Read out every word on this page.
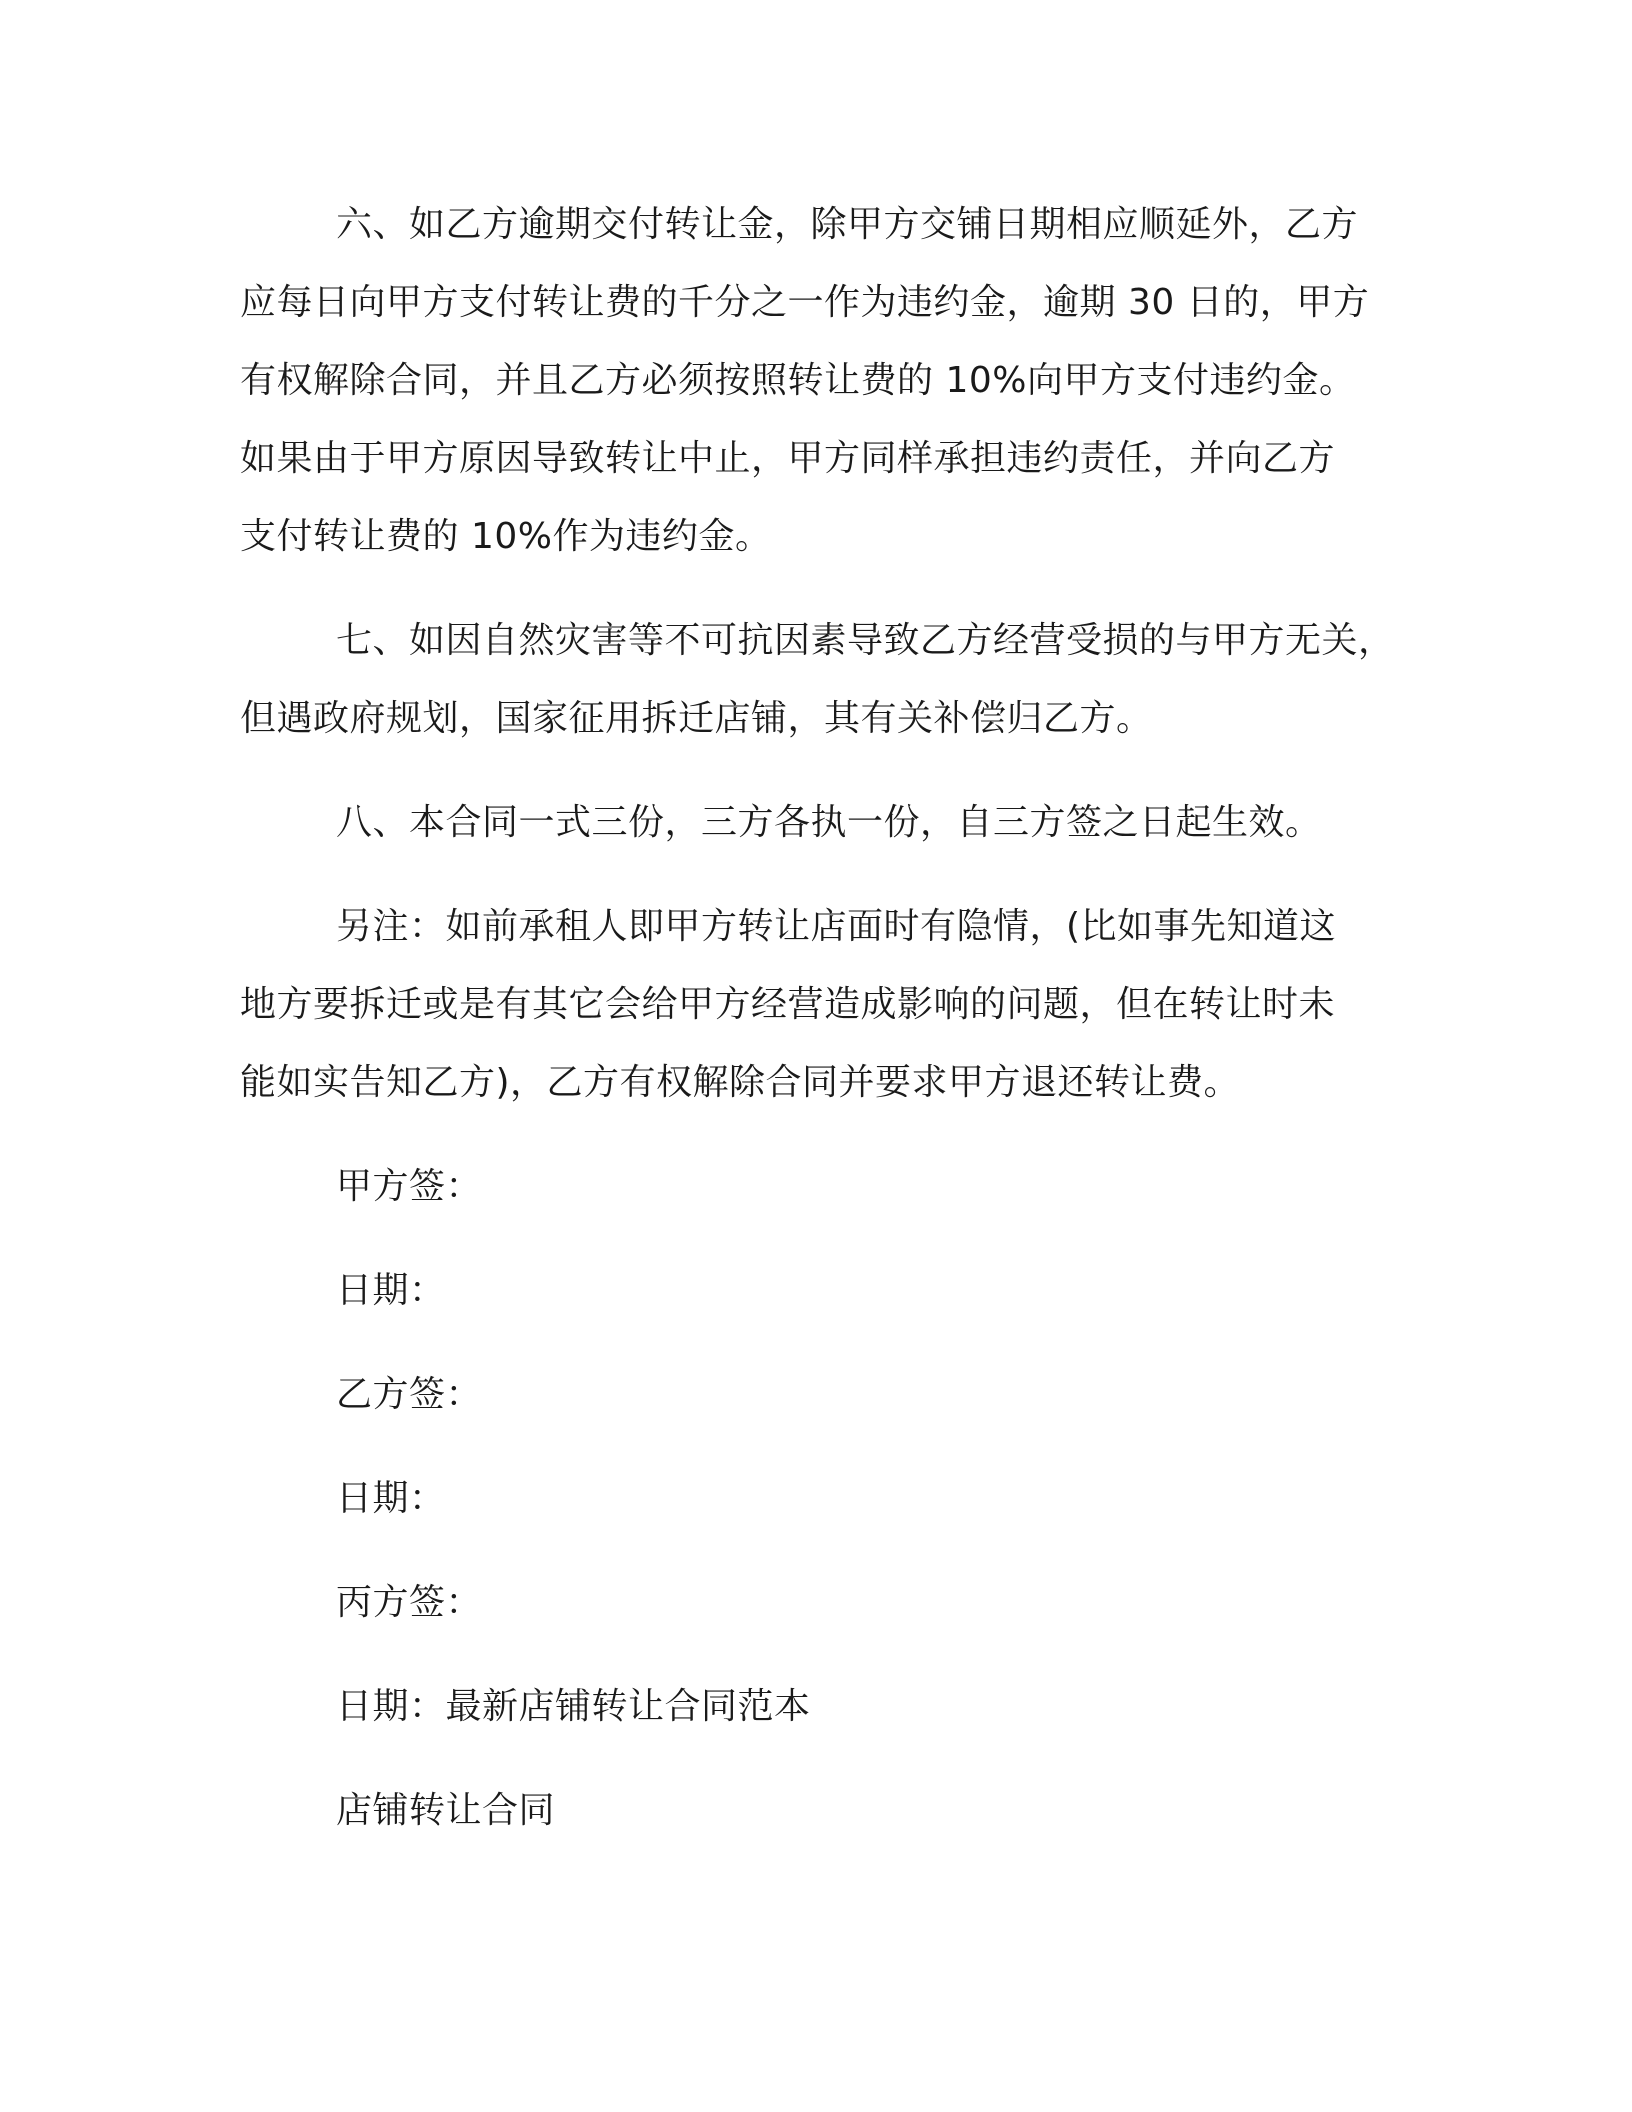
六、如乙方逾期交付转让金，除甲方交铺日期相应顺延外，乙方
应每日向甲方支付转让费的千分之一作为违约金，逾期 30 日的，甲方
有权解除合同，并且乙方必须按照转让费的 10%向甲方支付违约金。
如果由于甲方原因导致转让中止，甲方同样承担违约责任，并向乙方
支付转让费的 10%作为违约金。
七、如因自然灾害等不可抗因素导致乙方经营受损的与甲方无关，
但遇政府规划，国家征用拆迁店铺，其有关补偿归乙方。
八、本合同一式三份，三方各执一份，自三方签之日起生效。
另注：如前承租人即甲方转让店面时有隐情，(比如事先知道这
地方要拆迁或是有其它会给甲方经营造成影响的问题，但在转让时未
能如实告知乙方)，乙方有权解除合同并要求甲方退还转让费。
甲方签：
日期：
乙方签：
日期：
丙方签：
日期：最新店铺转让合同范本
店铺转让合同
